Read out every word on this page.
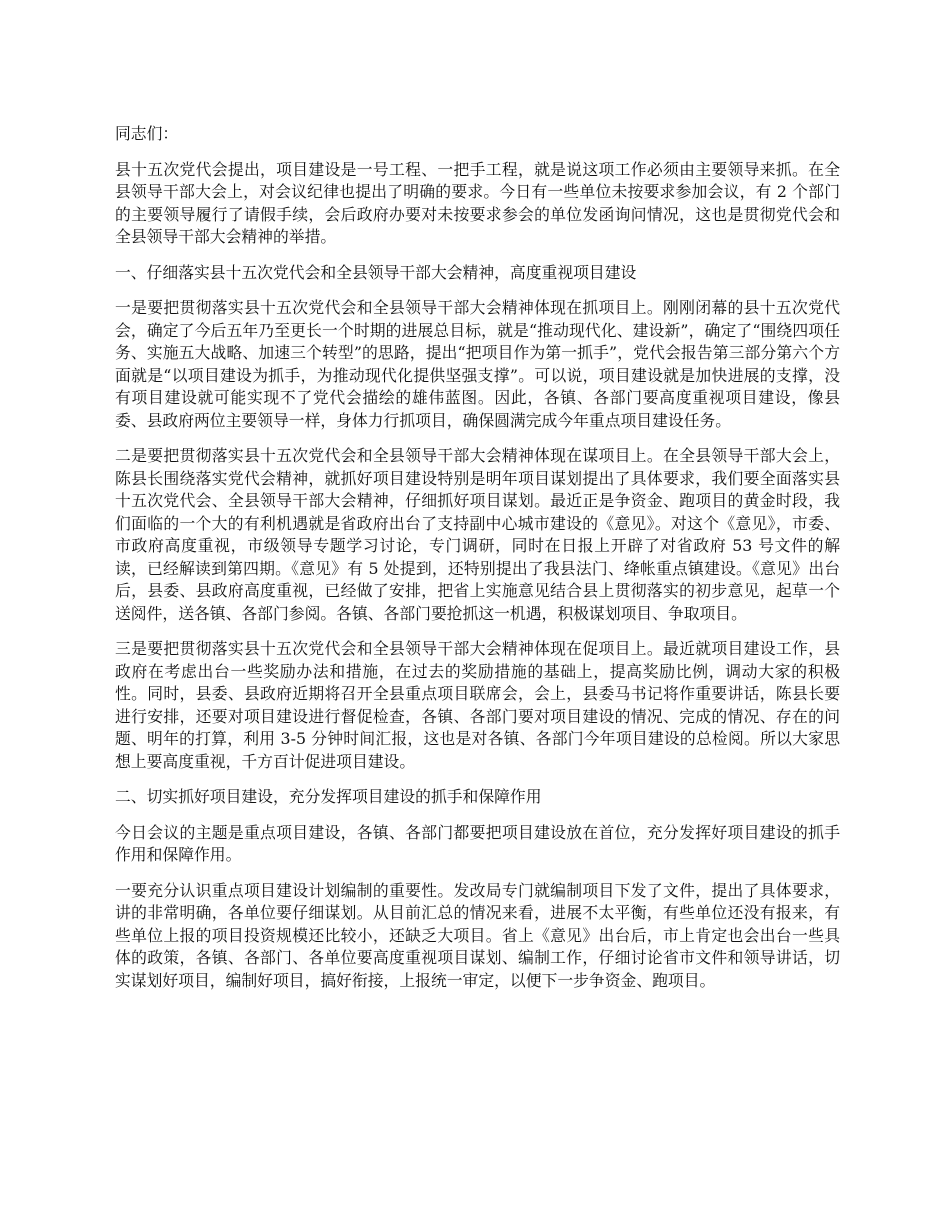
同志们：

县十五次党代会提出，项目建设是一号工程、一把手工程，就是说这项工作必须由主要领导来抓。在全县领导干部大会上，对会议纪律也提出了明确的要求。今日有一些单位未按要求参加会议，有 2 个部门的主要领导履行了请假手续，会后政府办要对未按要求参会的单位发函询问情况，这也是贯彻党代会和全县领导干部大会精神的举措。

一、仔细落实县十五次党代会和全县领导干部大会精神，高度重视项目建设

一是要把贯彻落实县十五次党代会和全县领导干部大会精神体现在抓项目上。刚刚闭幕的县十五次党代会，确定了今后五年乃至更长一个时期的进展总目标，就是“推动现代化、建设新”，确定了“围绕四项任务、实施五大战略、加速三个转型”的思路，提出“把项目作为第一抓手”，党代会报告第三部分第六个方面就是“以项目建设为抓手，为推动现代化提供坚强支撑”。可以说，项目建设就是加快进展的支撑，没有项目建设就可能实现不了党代会描绘的雄伟蓝图。因此，各镇、各部门要高度重视项目建设，像县委、县政府两位主要领导一样，身体力行抓项目，确保圆满完成今年重点项目建设任务。

二是要把贯彻落实县十五次党代会和全县领导干部大会精神体现在谋项目上。在全县领导干部大会上，陈县长围绕落实党代会精神，就抓好项目建设特别是明年项目谋划提出了具体要求，我们要全面落实县十五次党代会、全县领导干部大会精神，仔细抓好项目谋划。最近正是争资金、跑项目的黄金时段，我们面临的一个大的有利机遇就是省政府出台了支持副中心城市建设的《意见》。对这个《意见》，市委、市政府高度重视，市级领导专题学习讨论，专门调研，同时在日报上开辟了对省政府 53 号文件的解读，已经解读到第四期。《意见》有 5 处提到，还特别提出了我县法门、绛帐重点镇建设。《意见》出台后，县委、县政府高度重视，已经做了安排，把省上实施意见结合县上贯彻落实的初步意见，起草一个送阅件，送各镇、各部门参阅。各镇、各部门要抢抓这一机遇，积极谋划项目、争取项目。

三是要把贯彻落实县十五次党代会和全县领导干部大会精神体现在促项目上。最近就项目建设工作，县政府在考虑出台一些奖励办法和措施，在过去的奖励措施的基础上，提高奖励比例，调动大家的积极性。同时，县委、县政府近期将召开全县重点项目联席会，会上，县委马书记将作重要讲话，陈县长要进行安排，还要对项目建设进行督促检查，各镇、各部门要对项目建设的情况、完成的情况、存在的问题、明年的打算，利用 3-5 分钟时间汇报，这也是对各镇、各部门今年项目建设的总检阅。所以大家思想上要高度重视，千方百计促进项目建设。

二、切实抓好项目建设，充分发挥项目建设的抓手和保障作用

今日会议的主题是重点项目建设，各镇、各部门都要把项目建设放在首位，充分发挥好项目建设的抓手作用和保障作用。

一要充分认识重点项目建设计划编制的重要性。发改局专门就编制项目下发了文件，提出了具体要求，讲的非常明确，各单位要仔细谋划。从目前汇总的情况来看，进展不太平衡，有些单位还没有报来，有些单位上报的项目投资规模还比较小，还缺乏大项目。省上《意见》出台后，市上肯定也会出台一些具体的政策，各镇、各部门、各单位要高度重视项目谋划、编制工作，仔细讨论省市文件和领导讲话，切实谋划好项目，编制好项目，搞好衔接，上报统一审定，以便下一步争资金、跑项目。
